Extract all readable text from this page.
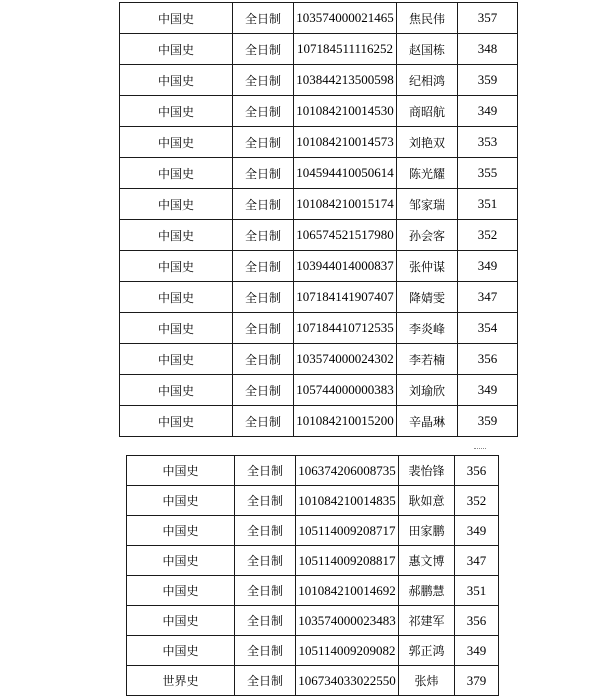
中国史	全日制	103574000021465	焦民伟	357
中国史	全日制	107184511116252	赵国栋	348
中国史	全日制	103844213500598	纪相鸿	359
中国史	全日制	101084210014530	商昭航	349
中国史	全日制	101084210014573	刘艳双	353
中国史	全日制	104594410050614	陈光耀	355
中国史	全日制	101084210015174	邹家瑞	351
中国史	全日制	106574521517980	孙会客	352
中国史	全日制	103944014000837	张仲谋	349
中国史	全日制	107184141907407	降婧雯	347
中国史	全日制	107184410712535	李炎峰	354
中国史	全日制	103574000024302	李若楠	356
中国史	全日制	105744000000383	刘瑜欣	349
中国史	全日制	101084210015200	辛晶琳	359
中国史	全日制	106374206008735	裴怡锋	356
中国史	全日制	101084210014835	耿如意	352
中国史	全日制	105114009208717	田家鹏	349
中国史	全日制	105114009208817	惠文博	347
中国史	全日制	101084210014692	郝鹏慧	351
中国史	全日制	103574000023483	祁建军	356
中国史	全日制	105114009209082	郭正鸿	349
世界史	全日制	106734033022550	张炜	379
